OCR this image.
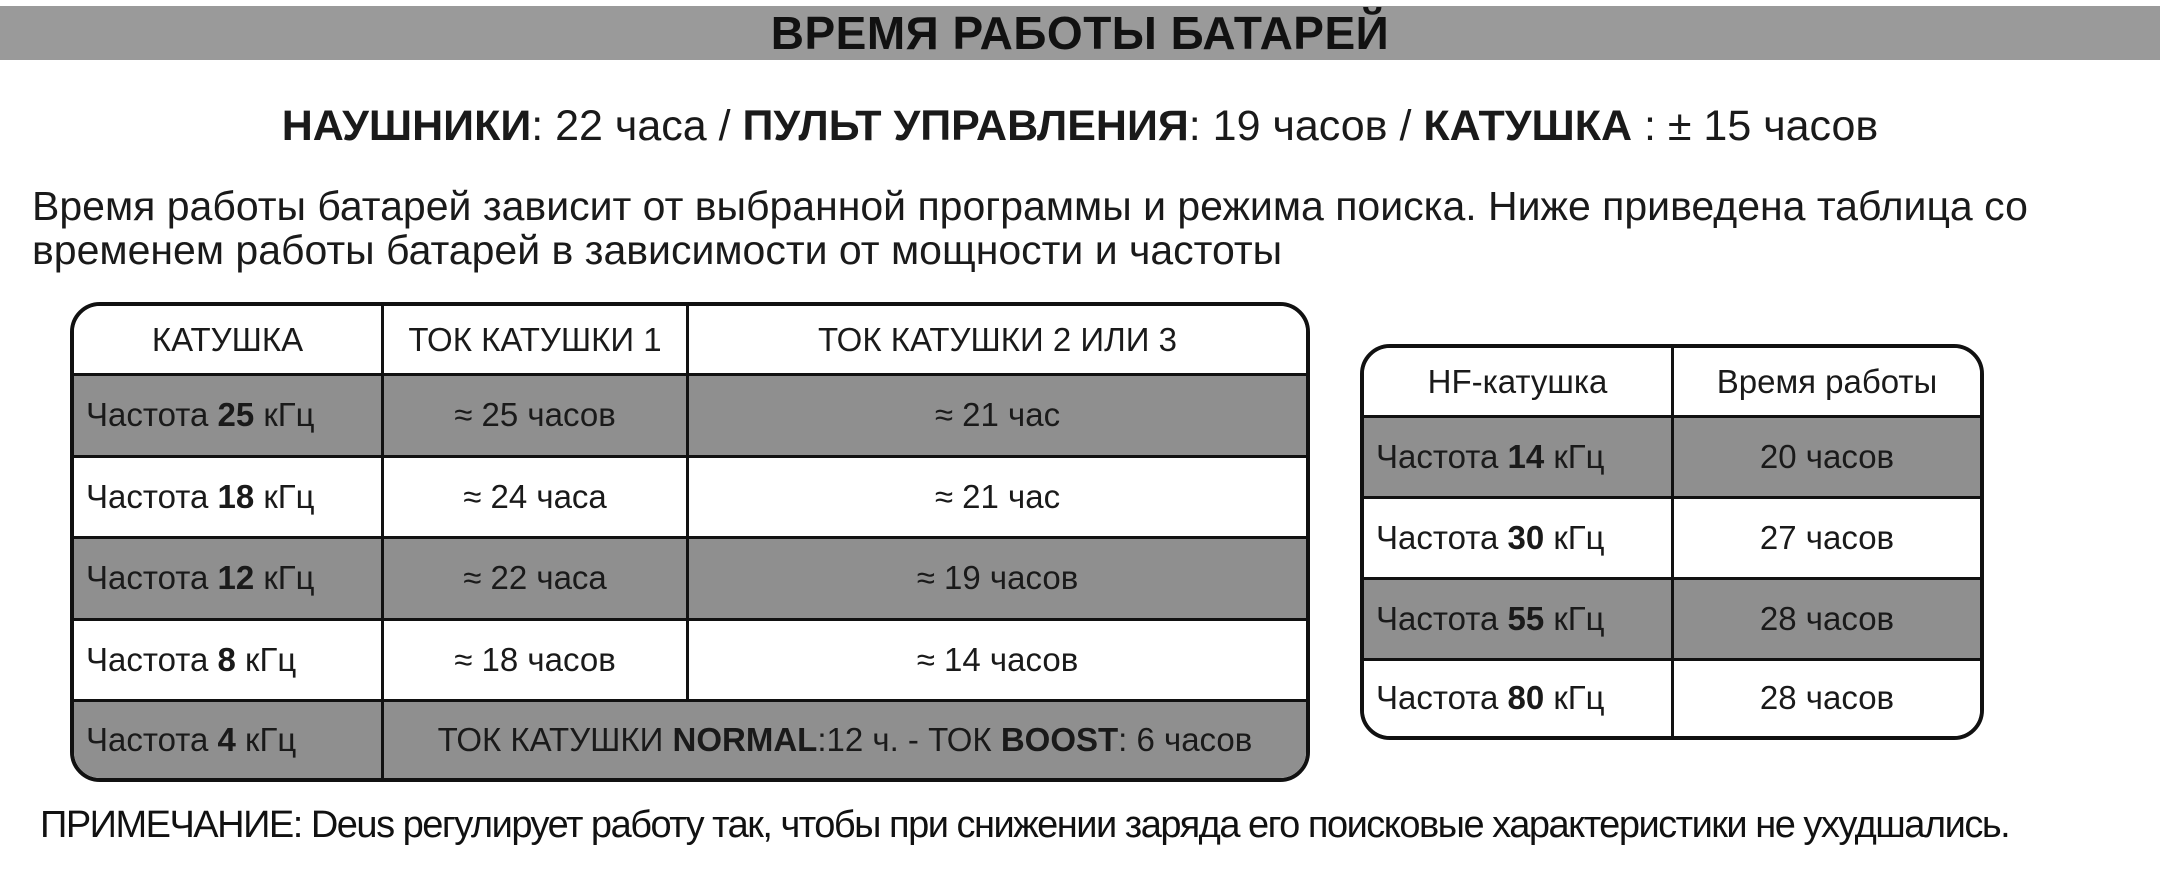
ВРЕМЯ РАБОТЫ БАТАРЕЙ
НАУШНИКИ: 22 часа / ПУЛЬТ УПРАВЛЕНИЯ: 19 часов / КАТУШКА : ± 15 часов
Время работы батарей зависит от выбранной программы и режима поиска. Ниже приведена таблица со
временем работы батарей в зависимости от мощности и частоты
КАТУШКА	ТОК КАТУШКИ 1	ТОК КАТУШКИ 2 ИЛИ 3
Частота 25 кГц	≈ 25 часов	≈ 21 час
Частота 18 кГц	≈ 24 часа	≈ 21 час
Частота 12 кГц	≈ 22 часа	≈ 19 часов
Частота 8 кГц	≈ 18 часов	≈ 14 часов
Частота 4 кГц	ТОК КАТУШКИ NORMAL:12 ч. - ТОК BOOST: 6 часов	
HF-катушка	Время работы
Частота 14 кГц	20 часов
Частота 30 кГц	27 часов
Частота 55 кГц	28 часов
Частота 80 кГц	28 часов
ПРИМЕЧАНИЕ: Deus регулирует работу так, чтобы при снижении заряда его поисковые характеристики не ухудшались.
